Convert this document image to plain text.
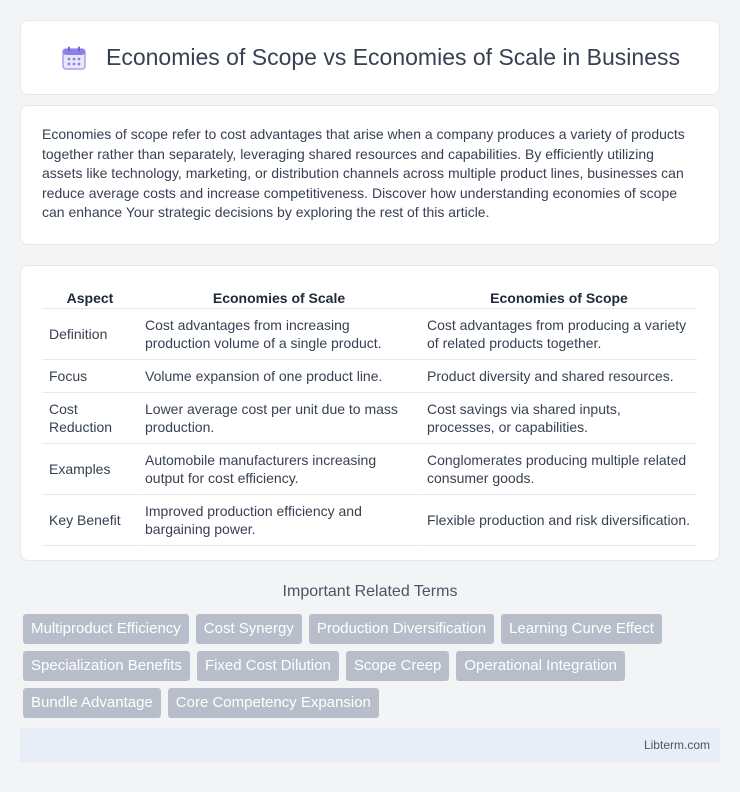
Economies of Scope vs Economies of Scale in Business

Economies of scope refer to cost advantages that arise when a company produces a variety of products together rather than separately, leveraging shared resources and capabilities. By efficiently utilizing assets like technology, marketing, or distribution channels across multiple product lines, businesses can reduce average costs and increase competitiveness. Discover how understanding economies of scope can enhance Your strategic decisions by exploring the rest of this article.

Aspect	Economies of Scale	Economies of Scope
Definition	Cost advantages from increasing production volume of a single product.	Cost advantages from producing a variety of related products together.
Focus	Volume expansion of one product line.	Product diversity and shared resources.
Cost Reduction	Lower average cost per unit due to mass production.	Cost savings via shared inputs, processes, or capabilities.
Examples	Automobile manufacturers increasing output for cost efficiency.	Conglomerates producing multiple related consumer goods.
Key Benefit	Improved production efficiency and bargaining power.	Flexible production and risk diversification.
Important Related Terms
Multiproduct Efficiency	Cost Synergy	Production Diversification	Learning Curve Effect
Specialization Benefits	Fixed Cost Dilution	Scope Creep	Operational Integration
Bundle Advantage	Core Competency Expansion
Libterm.com
